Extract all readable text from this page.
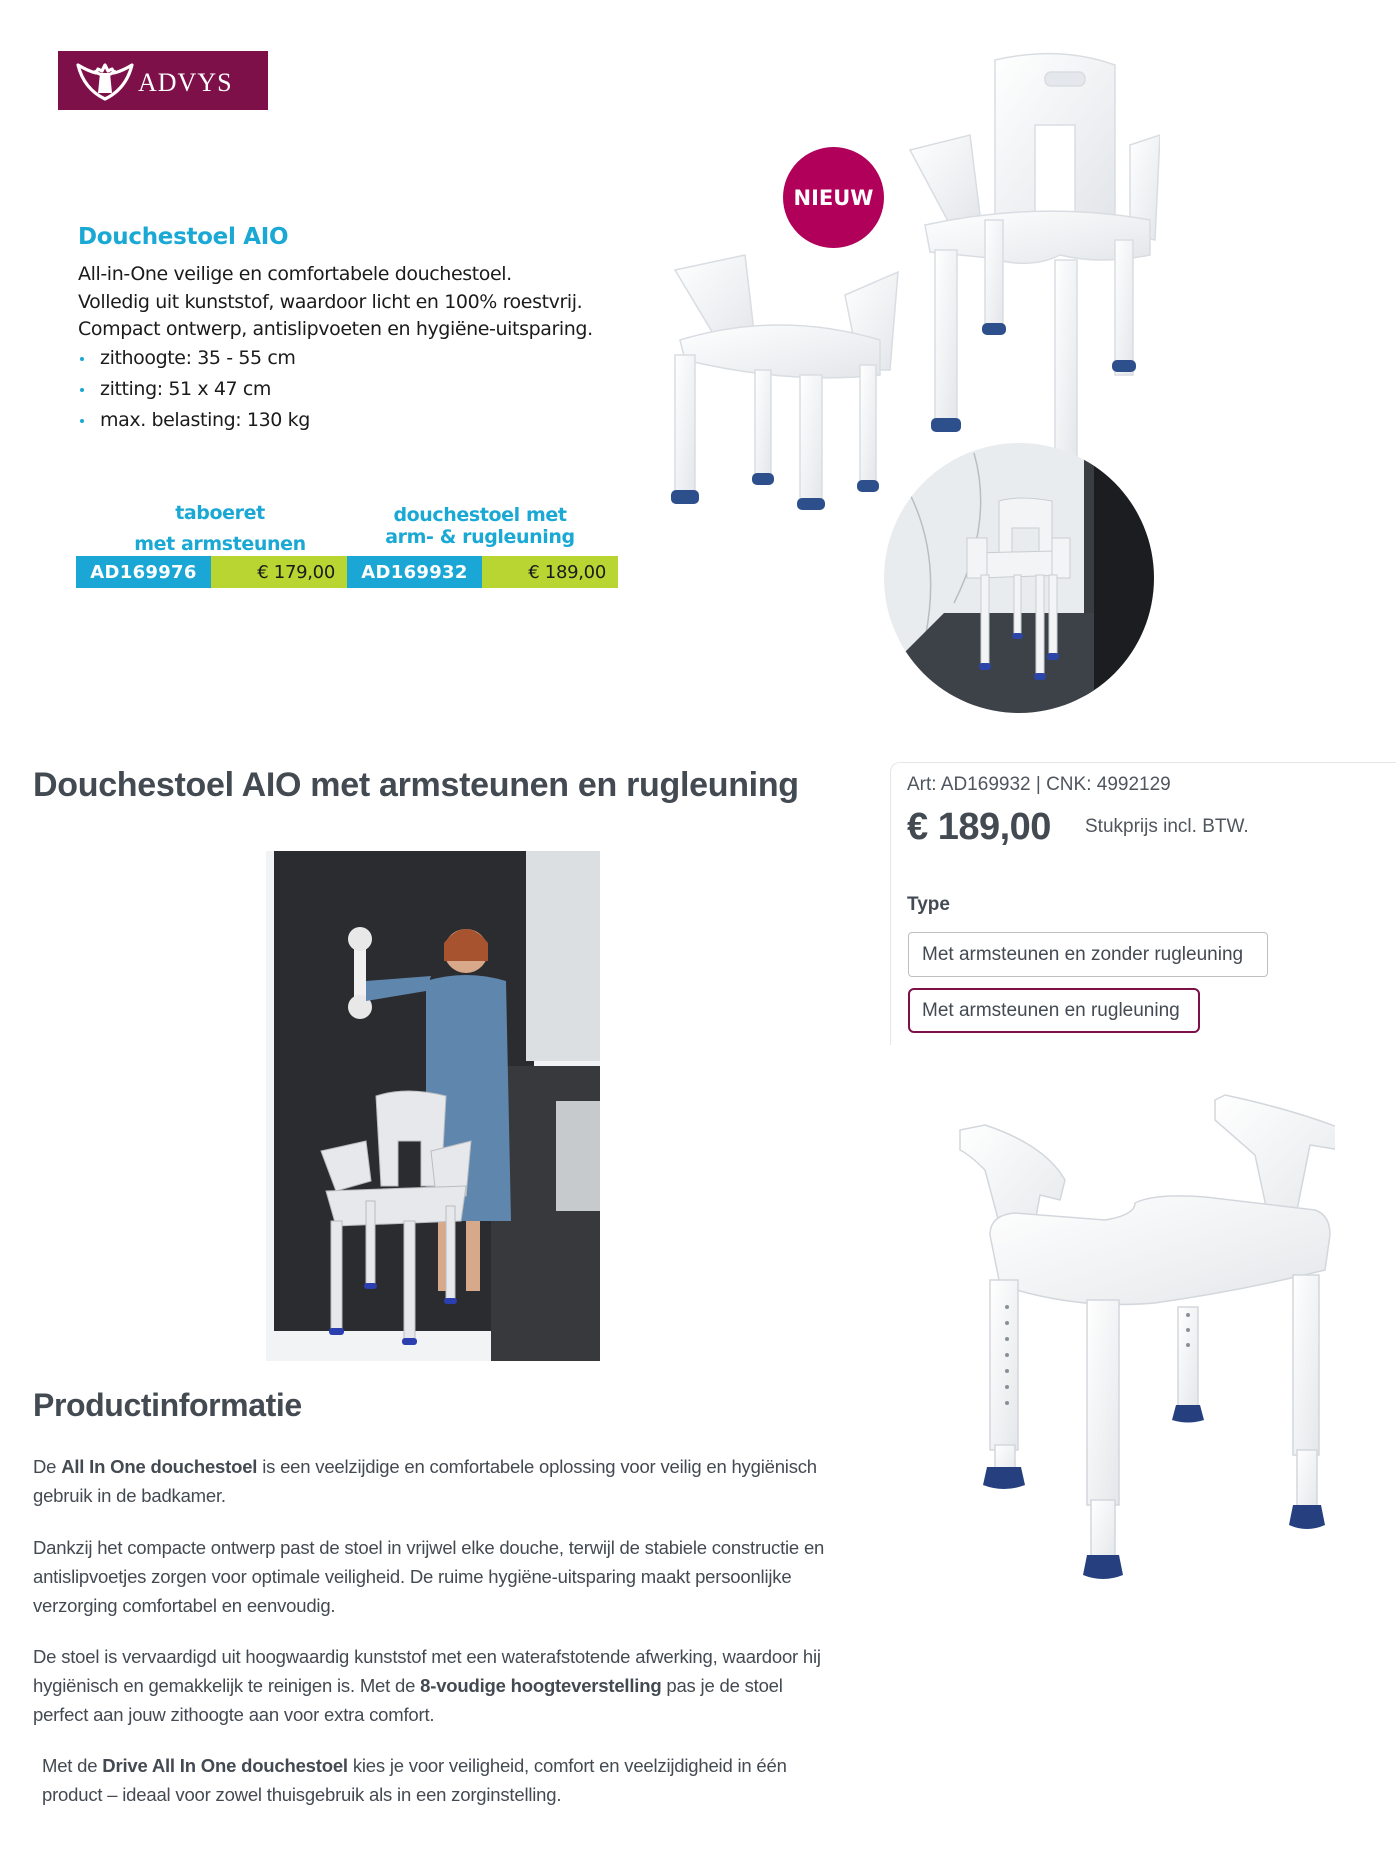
ADVYS
Douchestoel AIO
All-in-One veilige en comfortabele douchestoel.
Volledig uit kunststof, waardoor licht en 100% roestvrij.
Compact ontwerp, antislipvoeten en hygiëne-uitsparing.
zithoogte: 35 - 55 cm
zitting: 51 x 47 cm
max. belasting: 130 kg
taboeret
met armsteunen
douchestoel met
arm- & rugleuning
AD169976	€ 179,00	AD169932	€ 189,00
NIEUW
Douchestoel AIO met armsteunen en rugleuning
Productinformatie

De All In One douchestoel is een veelzijdige en comfortabele oplossing voor veilig en hygiënisch gebruik in de badkamer.

Dankzij het compacte ontwerp past de stoel in vrijwel elke douche, terwijl de stabiele constructie en antislipvoetjes zorgen voor optimale veiligheid. De ruime hygiëne-uitsparing maakt persoonlijke verzorging comfortabel en eenvoudig.

De stoel is vervaardigd uit hoogwaardig kunststof met een waterafstotende afwerking, waardoor hij hygiënisch en gemakkelijk te reinigen is. Met de 8-voudige hoogteverstelling pas je de stoel perfect aan jouw zithoogte aan voor extra comfort.

Met de Drive All In One douchestoel kies je voor veiligheid, comfort en veelzijdigheid in één product – ideaal voor zowel thuisgebruik als in een zorginstelling.

Art: AD169932 | CNK: 4992129
€ 189,00 Stukprijs incl. BTW.
Type
Met armsteunen en zonder rugleuning
Met armsteunen en rugleuning
